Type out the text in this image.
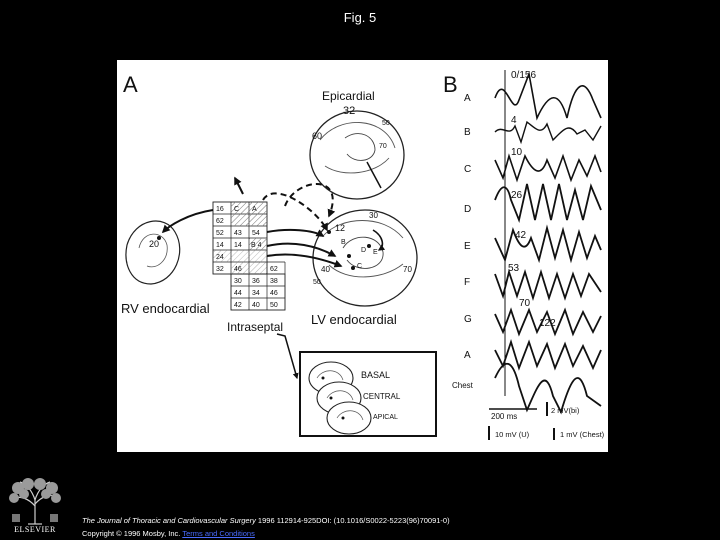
Fig. 5
A	Epicardial
32
60
50
70
20
RV endocardial
16 C A
62
52 43 54
14 14 B 4
24
32 46	62
30 36 38
44 34 46
42 40 50
Intraseptal
12
30
40	70
50
B
C
D E
LV endocardial
BASAL
CENTRAL
APICAL
B
A
B
C
D
E
F
G
A
Chest
0/156
4
10
26
42
53
70
122
200 ms
2 mV(bi)
10 mV (U)	1 mV (Chest)
ELSEVIER
The Journal of Thoracic and Cardiovascular Surgery 1996 112914-925DOI: (10.1016/S0022-5223(96)70091-0)
Copyright © 1996 Mosby, Inc. Terms and Conditions
